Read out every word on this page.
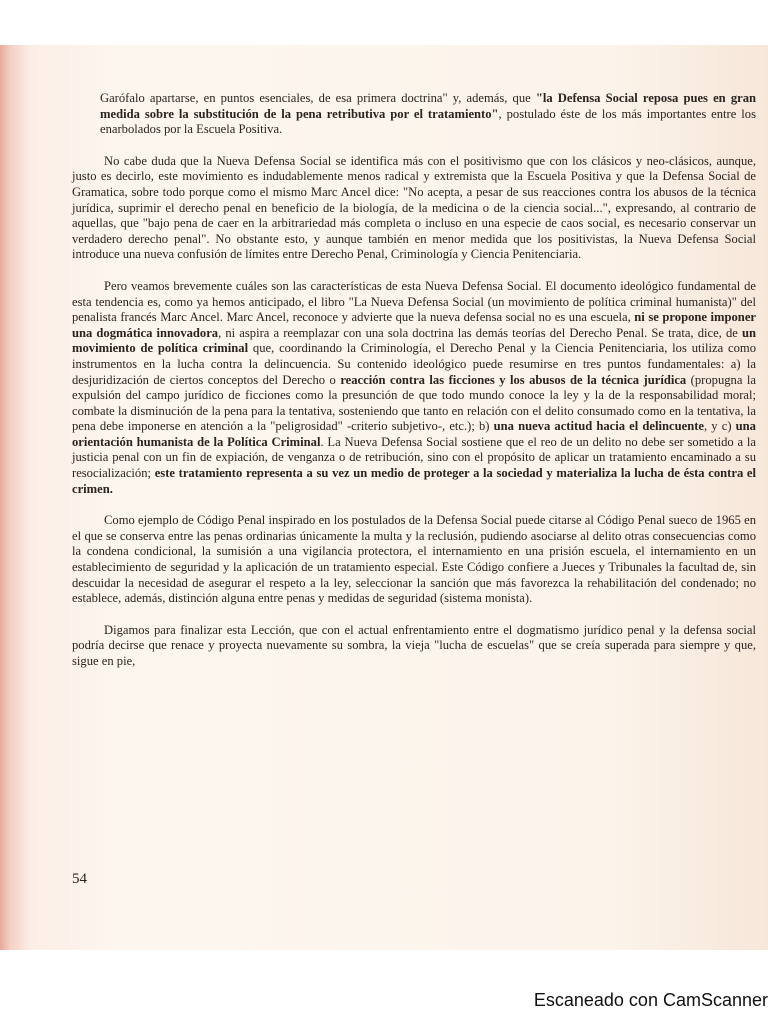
Garófalo apartarse, en puntos esenciales, de esa primera doctrina" y, además, que "la Defensa Social reposa pues en gran medida sobre la substitución de la pena retributiva por el tratamiento", postulado éste de los más importantes entre los enarbolados por la Escuela Positiva.

No cabe duda que la Nueva Defensa Social se identifica más con el positivismo que con los clásicos y neo-clásicos, aunque, justo es decirlo, este movimiento es indudablemente menos radical y extremista que la Escuela Positiva y que la Defensa Social de Gramatica, sobre todo porque como el mismo Marc Ancel dice: "No acepta, a pesar de sus reacciones contra los abusos de la técnica jurídica, suprimir el derecho penal en beneficio de la biología, de la medicina o de la ciencia social...", expresando, al contrario de aquellas, que "bajo pena de caer en la arbitrariedad más completa o incluso en una especie de caos social, es necesario conservar un verdadero derecho penal". No obstante esto, y aunque también en menor medida que los positivistas, la Nueva Defensa Social introduce una nueva confusión de límites entre Derecho Penal, Criminología y Ciencia Penitenciaria.

Pero veamos brevemente cuáles son las características de esta Nueva Defensa Social. El documento ideológico fundamental de esta tendencia es, como ya hemos anticipado, el libro "La Nueva Defensa Social (un movimiento de política criminal humanista)" del penalista francés Marc Ancel. Marc Ancel, reconoce y advierte que la nueva defensa social no es una escuela, ni se propone imponer una dogmática innovadora, ni aspira a reemplazar con una sola doctrina las demás teorías del Derecho Penal. Se trata, dice, de un movimiento de política criminal que, coordinando la Criminología, el Derecho Penal y la Ciencia Penitenciaria, los utiliza como instrumentos en la lucha contra la delincuencia. Su contenido ideológico puede resumirse en tres puntos fundamentales: a) la desjuridización de ciertos conceptos del Derecho o reacción contra las ficciones y los abusos de la técnica jurídica (propugna la expulsión del campo jurídico de ficciones como la presunción de que todo mundo conoce la ley y la de la responsabilidad moral; combate la disminución de la pena para la tentativa, sosteniendo que tanto en relación con el delito consumado como en la tentativa, la pena debe imponerse en atención a la "peligrosidad" -criterio subjetivo-, etc.); b) una nueva actitud hacia el delincuente, y c) una orientación humanista de la Política Criminal. La Nueva Defensa Social sostiene que el reo de un delito no debe ser sometido a la justicia penal con un fin de expiación, de venganza o de retribución, sino con el propósito de aplicar un tratamiento encaminado a su resocialización; este tratamiento representa a su vez un medio de proteger a la sociedad y materializa la lucha de ésta contra el crimen.

Como ejemplo de Código Penal inspirado en los postulados de la Defensa Social puede citarse al Código Penal sueco de 1965 en el que se conserva entre las penas ordinarias únicamente la multa y la reclusión, pudiendo asociarse al delito otras consecuencias como la condena condicional, la sumisión a una vigilancia protectora, el internamiento en una prisión escuela, el internamiento en un establecimiento de seguridad y la aplicación de un tratamiento especial. Este Código confiere a Jueces y Tribunales la facultad de, sin descuidar la necesidad de asegurar el respeto a la ley, seleccionar la sanción que más favorezca la rehabilitación del condenado; no establece, además, distinción alguna entre penas y medidas de seguridad (sistema monista).

Digamos para finalizar esta Lección, que con el actual enfrentamiento entre el dogmatismo jurídico penal y la defensa social podría decirse que renace y proyecta nuevamente su sombra, la vieja "lucha de escuelas" que se creía superada para siempre y que, sigue en pie,

54
Escaneado con CamScanner
